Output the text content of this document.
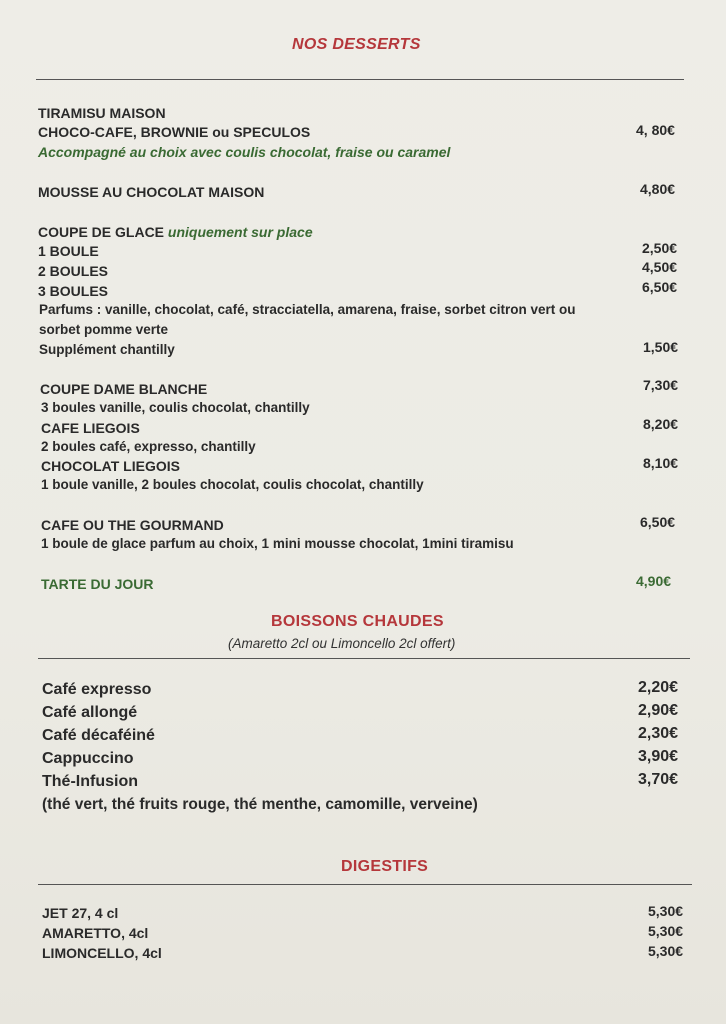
NOS DESSERTS
TIRAMISU MAISON
CHOCO-CAFE, BROWNIE ou SPECULOS	4, 80€
Accompagné au choix avec coulis chocolat, fraise ou caramel
MOUSSE AU CHOCOLAT MAISON	4,80€
COUPE DE GLACE uniquement sur place
1 BOULE	2,50€
2 BOULES	4,50€
3 BOULES	6,50€
Parfums : vanille, chocolat, café, stracciatella, amarena, fraise, sorbet citron vert ou
sorbet pomme verte
Supplément chantilly	1,50€
COUPE DAME BLANCHE	7,30€
3 boules vanille, coulis chocolat, chantilly
CAFE LIEGOIS	8,20€
2 boules café, expresso, chantilly
CHOCOLAT LIEGOIS	8,10€
1 boule vanille, 2 boules chocolat, coulis chocolat, chantilly
CAFE OU THE GOURMAND	6,50€
1 boule de glace parfum au choix, 1 mini mousse chocolat, 1mini tiramisu
TARTE DU JOUR	4,90€
BOISSONS CHAUDES
(Amaretto 2cl ou Limoncello 2cl offert)
Café expresso	2,20€
Café allongé	2,90€
Café décaféiné	2,30€
Cappuccino	3,90€
Thé-Infusion	3,70€
(thé vert, thé fruits rouge, thé menthe, camomille, verveine)
DIGESTIFS
JET 27, 4 cl	5,30€
AMARETTO, 4cl	5,30€
LIMONCELLO, 4cl	5,30€
